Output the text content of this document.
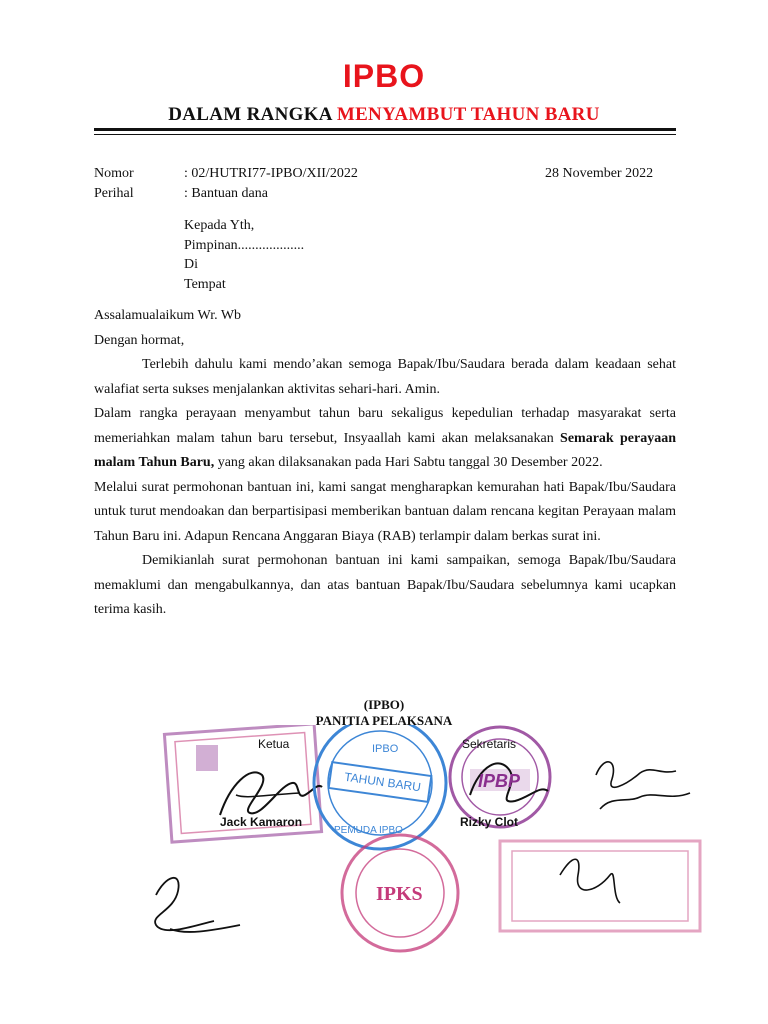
IPBO
DALAM RANGKA MENYAMBUT TAHUN BARU
Nomor	: 02/HUTRI77-IPBO/XII/2022	28 November 2022
Perihal	: Bantuan dana
Kepada Yth,
Pimpinan...................
Di
Tempat

Assalamualaikum Wr. Wb

Dengan hormat,

Terlebih dahulu kami mendo’akan semoga Bapak/Ibu/Saudara berada dalam keadaan sehat walafiat serta sukses menjalankan aktivitas sehari-hari. Amin.

Dalam rangka perayaan menyambut tahun baru sekaligus kepedulian terhadap masyarakat serta memeriahkan malam tahun baru tersebut, Insyaallah kami akan melaksanakan Semarak perayaan malam Tahun Baru, yang akan dilaksanakan pada Hari Sabtu tanggal 30 Desember 2022.

Melalui surat permohonan bantuan ini, kami sangat mengharapkan kemurahan hati Bapak/Ibu/Saudara untuk turut mendoakan dan berpartisipasi memberikan bantuan dalam rencana kegitan Perayaan malam Tahun Baru ini. Adapun Rencana Anggaran Biaya (RAB) terlampir dalam berkas surat ini.

Demikianlah surat permohonan bantuan ini kami sampaikan, semoga Bapak/Ibu/Saudara memaklumi dan mengabulkannya, dan atas bantuan Bapak/Ibu/Saudara sebelumnya kami ucapkan terima kasih.

(IPBO)
PANITIA PELAKSANA
Ketua
Jack Kamaron
Sekretaris
Rizky Clot
IPBO
TAHUN BARU
PEMUDA IPBO
IPBP
IPKS
